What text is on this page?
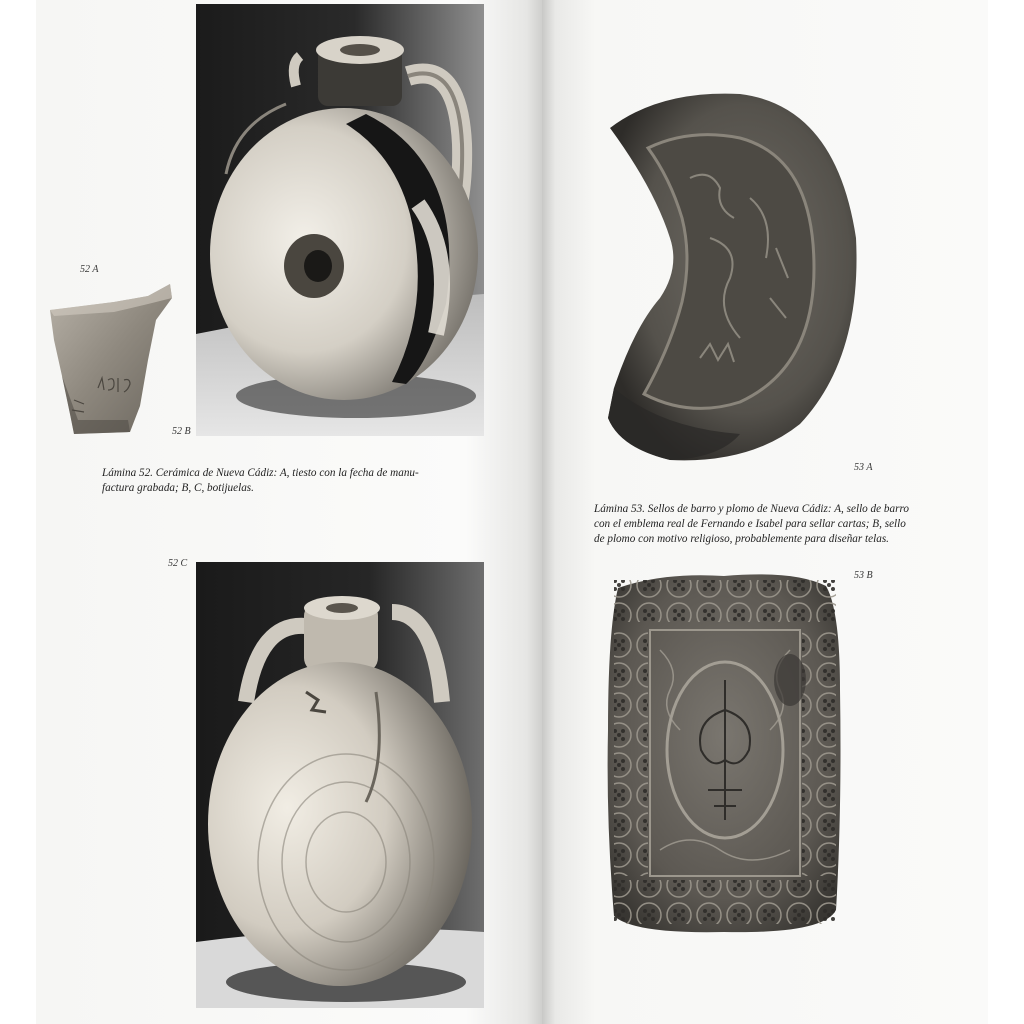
52 A
52 B

Lámina 52. Cerámica de Nueva Cádiz: A, tiesto con la fecha de manu-
factura grabada; B, C, botijuelas.

52 C
53 A

Lámina 53. Sellos de barro y plomo de Nueva Cádiz: A, sello de barro
con el emblema real de Fernando e Isabel para sellar cartas; B, sello
de plomo con motivo religioso, probablemente para diseñar telas.

53 B
